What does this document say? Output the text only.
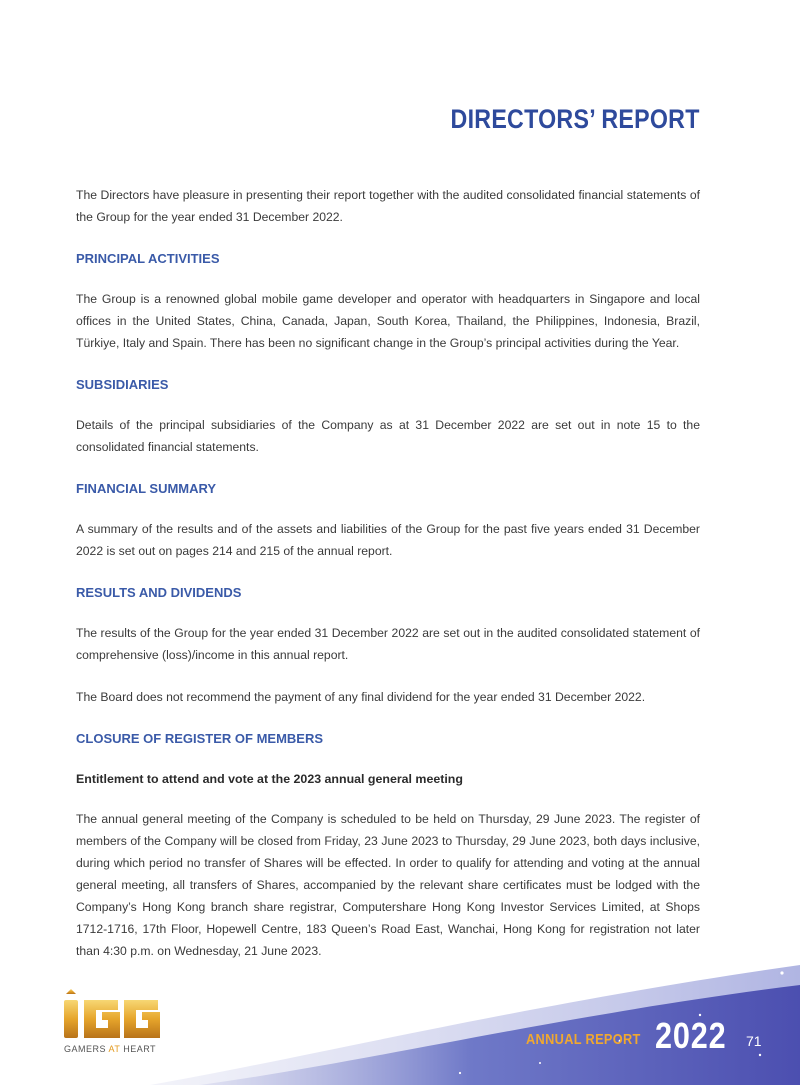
DIRECTORS’ REPORT

The Directors have pleasure in presenting their report together with the audited consolidated financial statements of the Group for the year ended 31 December 2022.

PRINCIPAL ACTIVITIES

The Group is a renowned global mobile game developer and operator with headquarters in Singapore and local offices in the United States, China, Canada, Japan, South Korea, Thailand, the Philippines, Indonesia, Brazil, Türkiye, Italy and Spain. There has been no significant change in the Group’s principal activities during the Year.

SUBSIDIARIES

Details of the principal subsidiaries of the Company as at 31 December 2022 are set out in note 15 to the consolidated financial statements.

FINANCIAL SUMMARY

A summary of the results and of the assets and liabilities of the Group for the past five years ended 31 December 2022 is set out on pages 214 and 215 of the annual report.

RESULTS AND DIVIDENDS

The results of the Group for the year ended 31 December 2022 are set out in the audited consolidated statement of comprehensive (loss)/income in this annual report.

The Board does not recommend the payment of any final dividend for the year ended 31 December 2022.

CLOSURE OF REGISTER OF MEMBERS
Entitlement to attend and vote at the 2023 annual general meeting

The annual general meeting of the Company is scheduled to be held on Thursday, 29 June 2023. The register of members of the Company will be closed from Friday, 23 June 2023 to Thursday, 29 June 2023, both days inclusive, during which period no transfer of Shares will be effected. In order to qualify for attending and voting at the annual general meeting, all transfers of Shares, accompanied by the relevant share certificates must be lodged with the Company’s Hong Kong branch share registrar, Computershare Hong Kong Investor Services Limited, at Shops 1712-1716, 17th Floor, Hopewell Centre, 183 Queen’s Road East, Wanchai, Hong Kong for registration not later than 4:30 p.m. on Wednesday, 21 June 2023.

GAMERS AT HEART
ANNUAL REPORT 2022 71
